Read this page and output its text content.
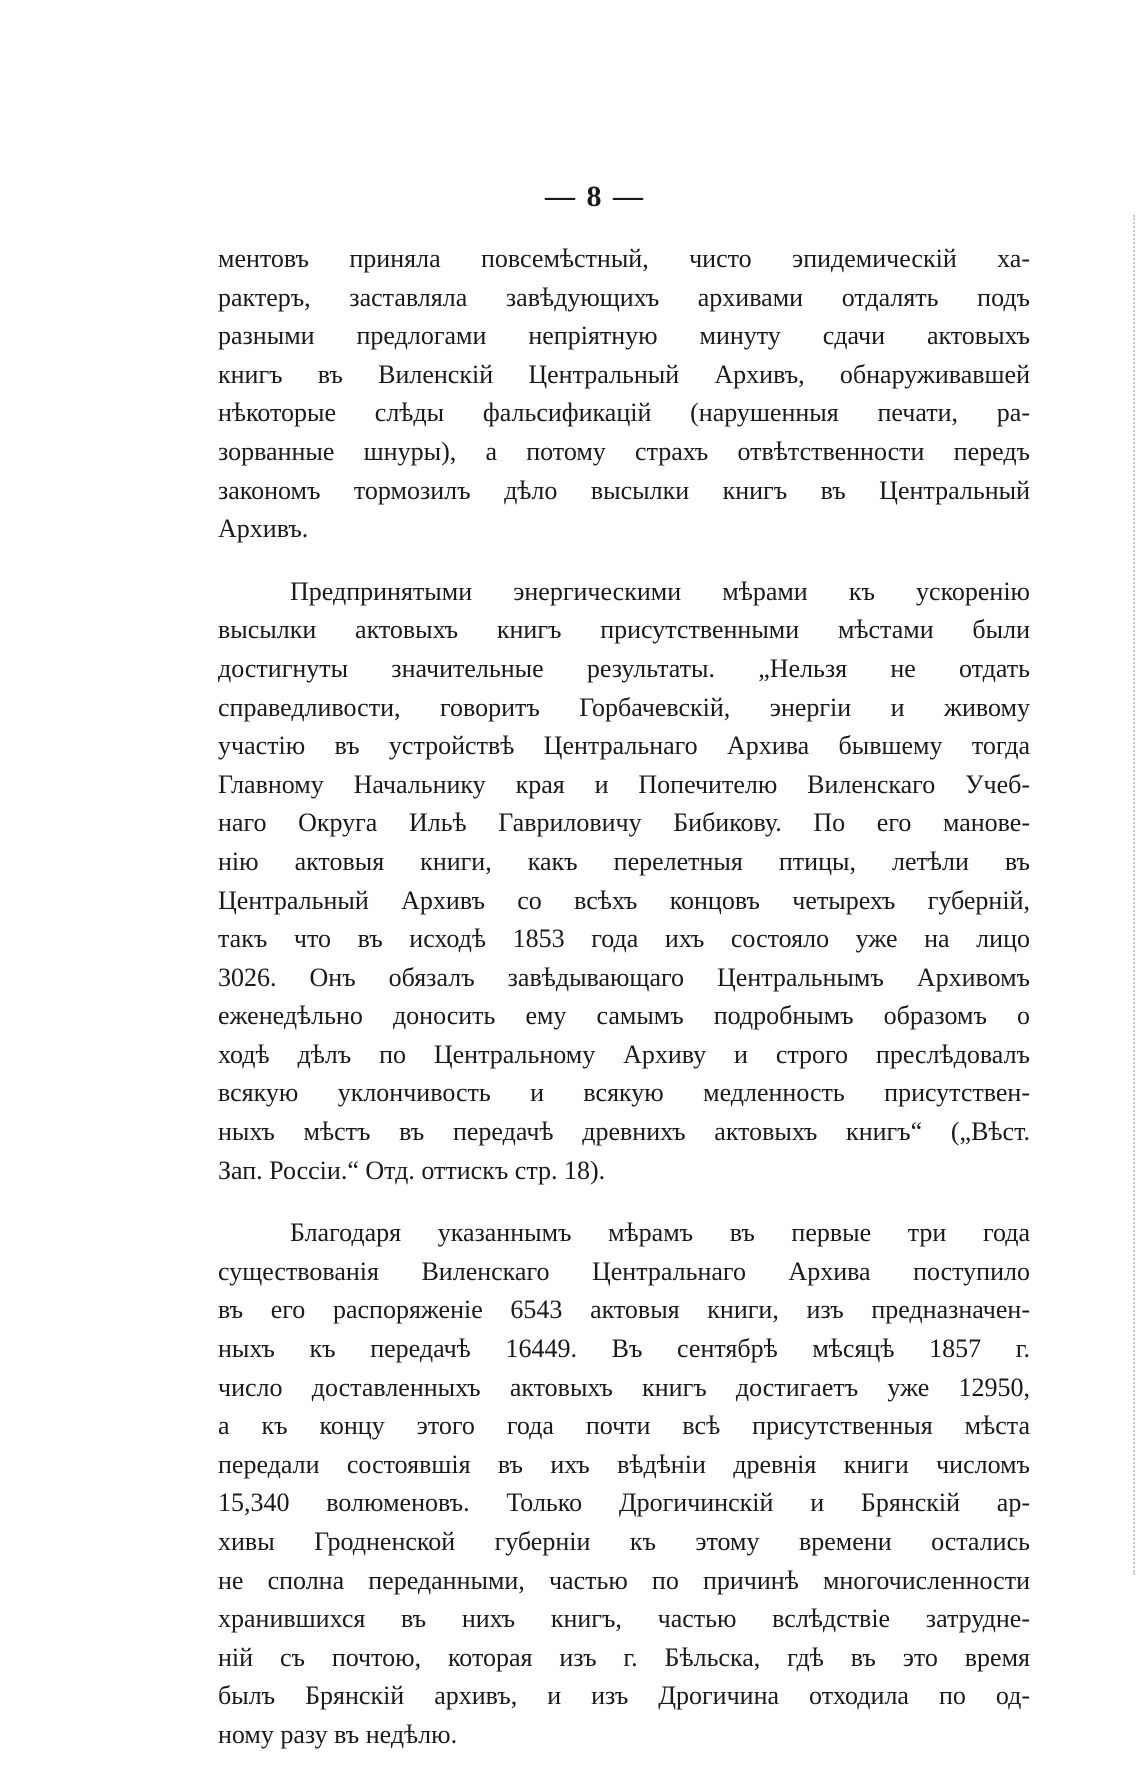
— 8 —
ментовъ приняла повсемѣстный, чисто эпидемическій ха-
рактеръ, заставляла завѣдующихъ архивами отдалять подъ
разными предлогами непріятную минуту сдачи актовыхъ
книгъ въ Виленскій Центральный Архивъ, обнаруживавшей
нѣкоторые слѣды фальсификацій (нарушенныя печати, ра-
зорванные шнуры), а потому страхъ отвѣтственности передъ
закономъ тормозилъ дѣло высылки книгъ въ Центральный
Архивъ.
Предпринятыми энергическими мѣрами къ ускоренію
высылки актовыхъ книгъ присутственными мѣстами были
достигнуты значительные результаты. „Нельзя не отдать
справедливости, говоритъ Горбачевскій, энергіи и живому
участію въ устройствѣ Центральнаго Архива бывшему тогда
Главному Начальнику края и Попечителю Виленскаго Учеб-
наго Округа Ильѣ Гавриловичу Бибикову. По его манове-
нію актовыя книги, какъ перелетныя птицы, летѣли въ
Центральный Архивъ со всѣхъ концовъ четырехъ губерній,
такъ что въ исходѣ 1853 года ихъ состояло уже на лицо
3026. Онъ обязалъ завѣдывающаго Центральнымъ Архивомъ
еженедѣльно доносить ему самымъ подробнымъ образомъ о
ходѣ дѣлъ по Центральному Архиву и строго преслѣдовалъ
всякую уклончивость и всякую медленность присутствен-
ныхъ мѣстъ въ передачѣ древнихъ актовыхъ книгъ“ („Вѣст.
Зап. Россіи.“ Отд. оттискъ стр. 18).
Благодаря указаннымъ мѣрамъ въ первые три года
существованія Виленскаго Центральнаго Архива поступило
въ его распоряженіе 6543 актовыя книги, изъ предназначен-
ныхъ къ передачѣ 16449. Въ сентябрѣ мѣсяцѣ 1857 г.
число доставленныхъ актовыхъ книгъ достигаетъ уже 12950,
а къ концу этого года почти всѣ присутственныя мѣста
передали состоявшія въ ихъ вѣдѣніи древнія книги числомъ
15,340 волюменовъ. Только Дрогичинскій и Брянскій ар-
хивы Гродненской губерніи къ этому времени остались
не сполна переданными, частью по причинѣ многочисленности
хранившихся въ нихъ книгъ, частью вслѣдствіе затрудне-
ній съ почтою, которая изъ г. Бѣльска, гдѣ въ это время
былъ Брянскій архивъ, и изъ Дрогичина отходила по од-
ному разу въ недѣлю.
